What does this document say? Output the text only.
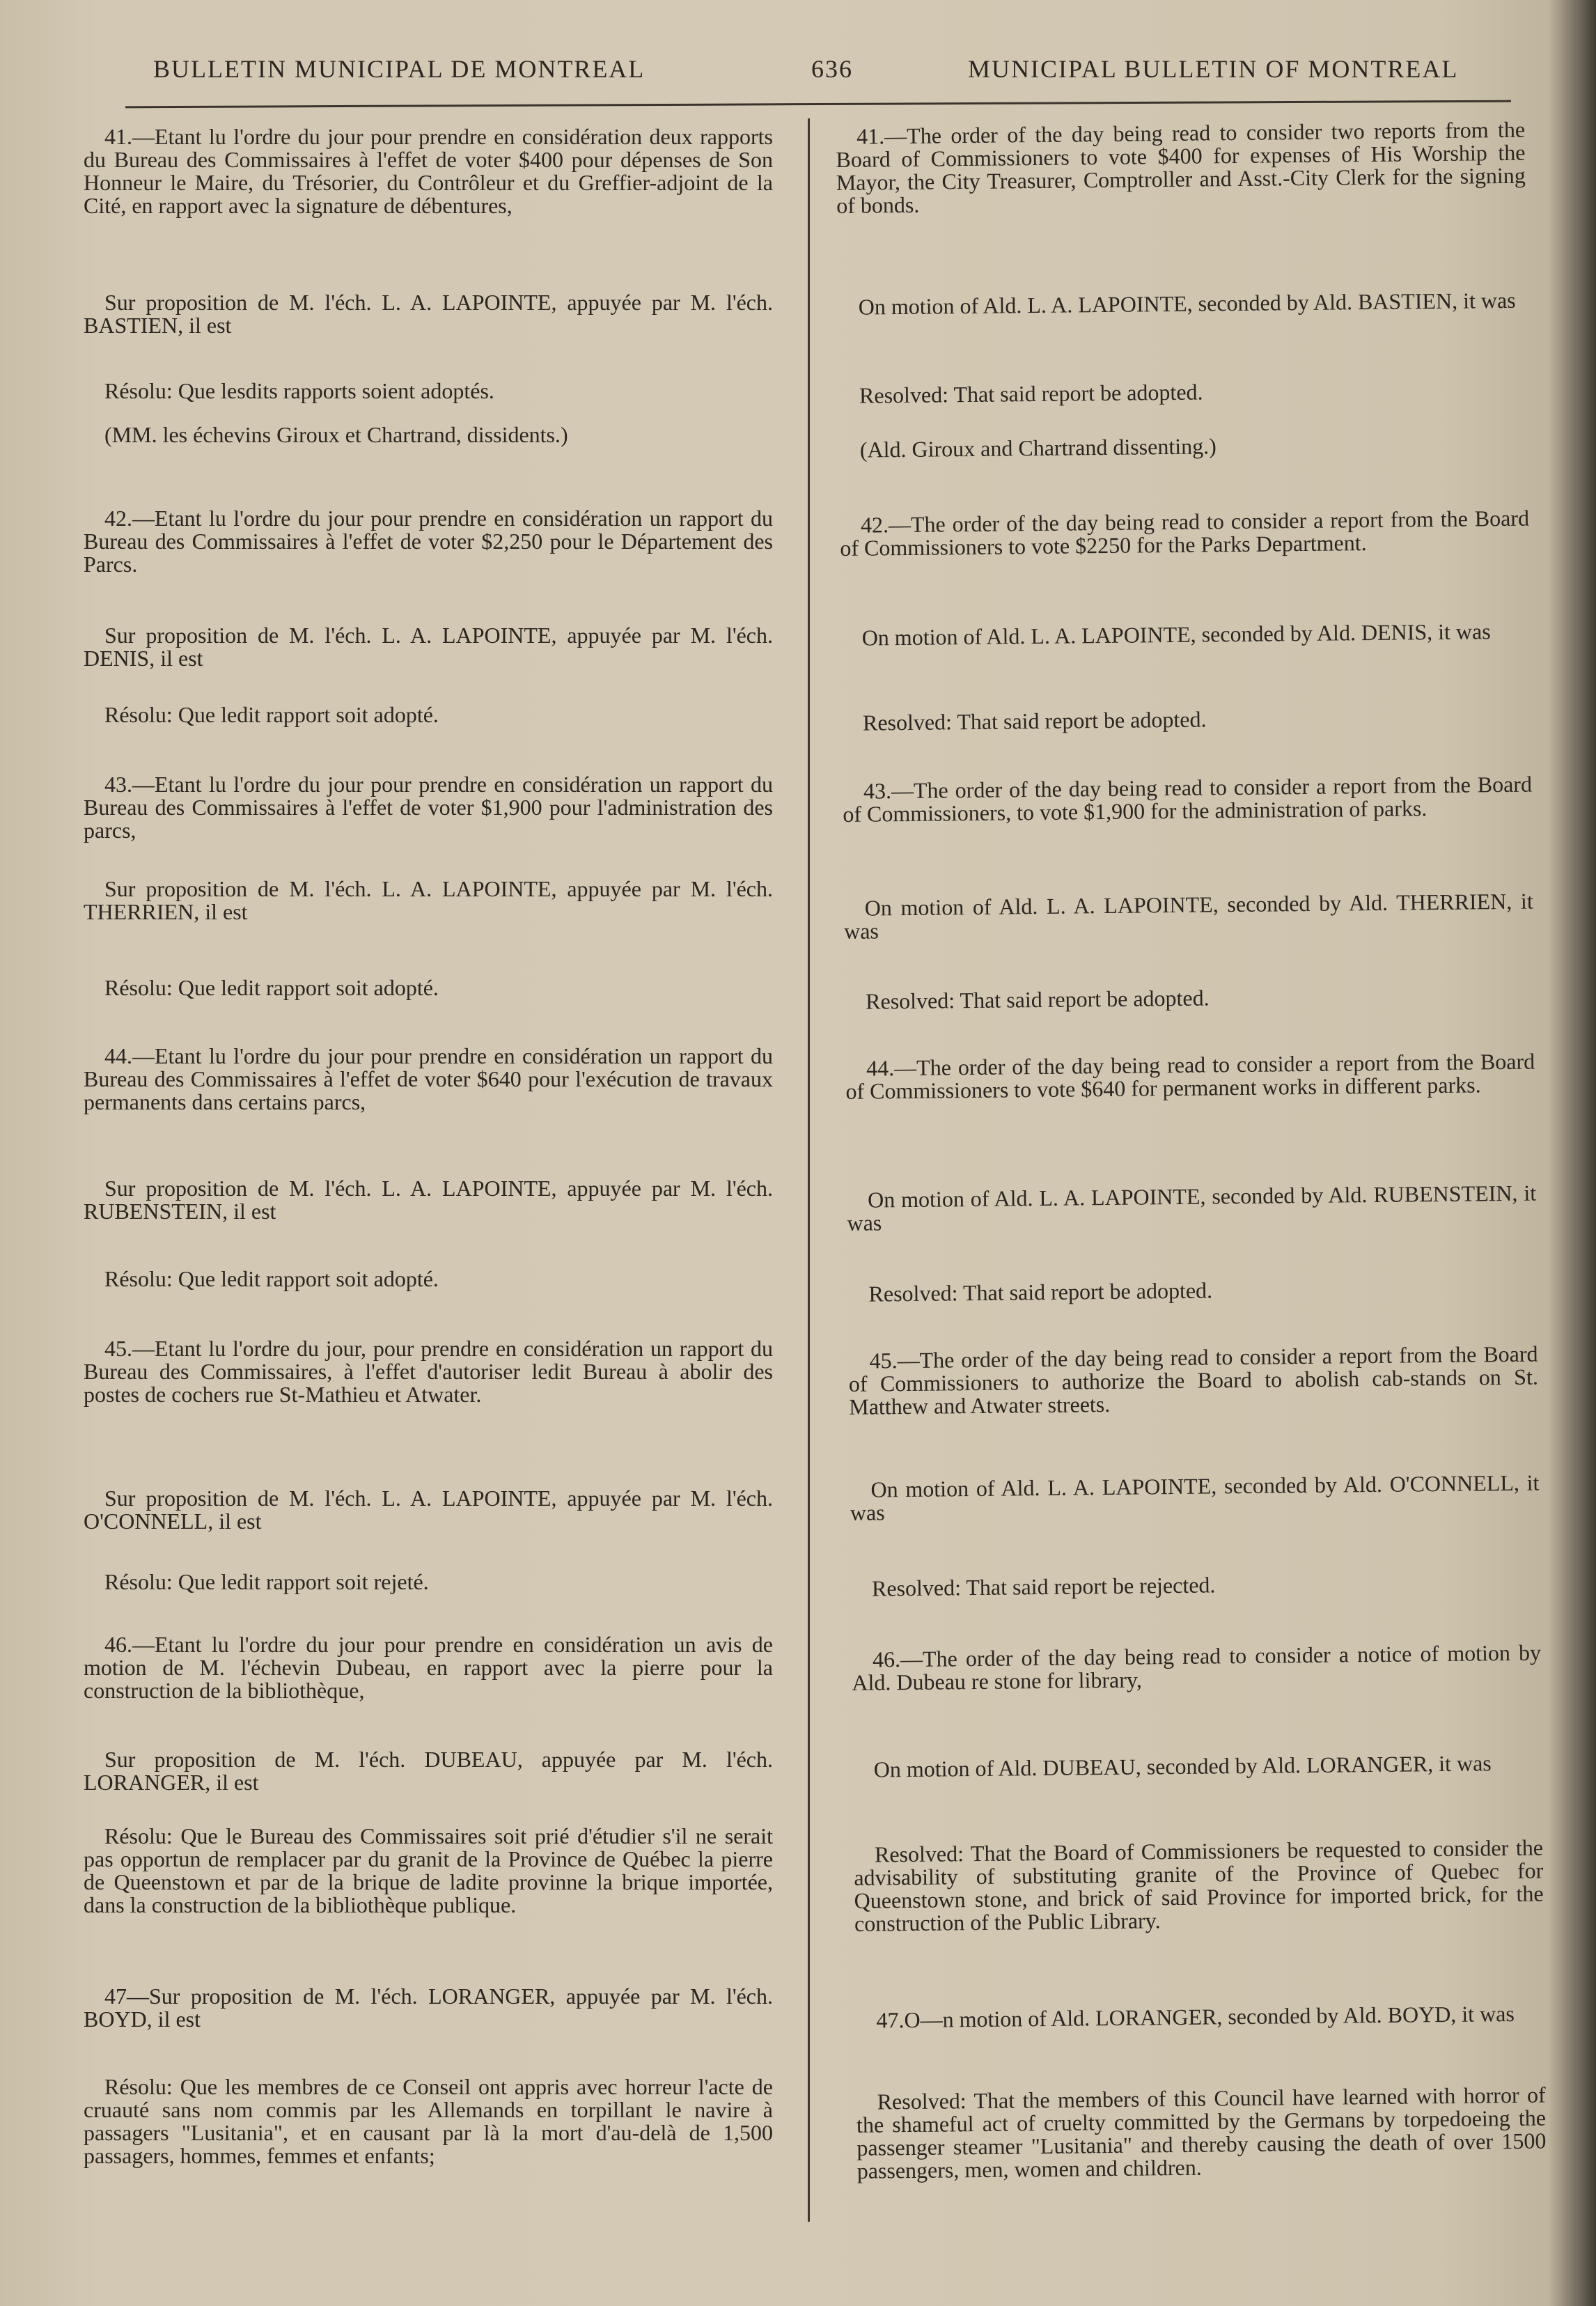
BULLETIN MUNICIPAL DE MONTREAL	636	MUNICIPAL BULLETIN OF MONTREAL

41.—Etant lu l'ordre du jour pour prendre en considération deux rapports du Bureau des Commissaires à l'effet de voter $400 pour dépenses de Son Honneur le Maire, du Trésorier, du Contrôleur et du Greffier-adjoint de la Cité, en rapport avec la signature de débentures,

Sur proposition de M. l'éch. L. A. LAPOINTE, appuyée par M. l'éch. BASTIEN, il est

Résolu: Que lesdits rapports soient adoptés.

(MM. les échevins Giroux et Chartrand, dissidents.)

42.—Etant lu l'ordre du jour pour prendre en considération un rapport du Bureau des Commissaires à l'effet de voter $2,250 pour le Département des Parcs.

Sur proposition de M. l'éch. L. A. LAPOINTE, appuyée par M. l'éch. DENIS, il est

Résolu: Que ledit rapport soit adopté.

43.—Etant lu l'ordre du jour pour prendre en considération un rapport du Bureau des Commissaires à l'effet de voter $1,900 pour l'administration des parcs,

Sur proposition de M. l'éch. L. A. LAPOINTE, appuyée par M. l'éch. THERRIEN, il est

Résolu: Que ledit rapport soit adopté.

44.—Etant lu l'ordre du jour pour prendre en considération un rapport du Bureau des Commissaires à l'effet de voter $640 pour l'exécution de travaux permanents dans certains parcs,

Sur proposition de M. l'éch. L. A. LAPOINTE, appuyée par M. l'éch. RUBENSTEIN, il est

Résolu: Que ledit rapport soit adopté.

45.—Etant lu l'ordre du jour, pour prendre en considération un rapport du Bureau des Commissaires, à l'effet d'autoriser ledit Bureau à abolir des postes de cochers rue St-Mathieu et Atwater.

Sur proposition de M. l'éch. L. A. LAPOINTE, appuyée par M. l'éch. O'CONNELL, il est

Résolu: Que ledit rapport soit rejeté.

46.—Etant lu l'ordre du jour pour prendre en considération un avis de motion de M. l'échevin Dubeau, en rapport avec la pierre pour la construction de la bibliothèque,

Sur proposition de M. l'éch. DUBEAU, appuyée par M. l'éch. LORANGER, il est

Résolu: Que le Bureau des Commissaires soit prié d'étudier s'il ne serait pas opportun de remplacer par du granit de la Province de Québec la pierre de Queenstown et par de la brique de ladite provinne la brique importée, dans la construction de la bibliothèque publique.

47—Sur proposition de M. l'éch. LORANGER, appuyée par M. l'éch. BOYD, il est

Résolu: Que les membres de ce Conseil ont appris avec horreur l'acte de cruauté sans nom commis par les Allemands en torpillant le navire à passagers "Lusitania", et en causant par là la mort d'au-delà de 1,500 passagers, hommes, femmes et enfants;

41.—The order of the day being read to consider two reports from the Board of Commissioners to vote $400 for expenses of His Worship the Mayor, the City Treasurer, Comptroller and Asst.-City Clerk for the signing of bonds.

On motion of Ald. L. A. LAPOINTE, seconded by Ald. BASTIEN, it was

Resolved: That said report be adopted.

(Ald. Giroux and Chartrand dissenting.)

42.—The order of the day being read to consider a report from the Board of Commissioners to vote $2250 for the Parks Department.

On motion of Ald. L. A. LAPOINTE, seconded by Ald. DENIS, it was

Resolved: That said report be adopted.

43.—The order of the day being read to consider a report from the Board of Commissioners, to vote $1,900 for the administration of parks.

On motion of Ald. L. A. LAPOINTE, seconded by Ald. THERRIEN, it was

Resolved: That said report be adopted.

44.—The order of the day being read to consider a report from the Board of Commissioners to vote $640 for permanent works in different parks.

On motion of Ald. L. A. LAPOINTE, seconded by Ald. RUBENSTEIN, it was

Resolved: That said report be adopted.

45.—The order of the day being read to consider a report from the Board of Commissioners to authorize the Board to abolish cab-stands on St. Matthew and Atwater streets.

On motion of Ald. L. A. LAPOINTE, seconded by Ald. O'CONNELL, it was

Resolved: That said report be rejected.

46.—The order of the day being read to consider a notice of motion by Ald. Dubeau re stone for library,

On motion of Ald. DUBEAU, seconded by Ald. LORANGER, it was

Resolved: That the Board of Commissioners be requested to consider the advisability of substituting granite of the Province of Quebec for Queenstown stone, and brick of said Province for imported brick, for the construction of the Public Library.

47.O—n motion of Ald. LORANGER, seconded by Ald. BOYD, it was

Resolved: That the members of this Council have learned with horror of the shameful act of cruelty committed by the Germans by torpedoeing the passenger steamer "Lusitania" and thereby causing the death of over 1500 passengers, men, women and children.
